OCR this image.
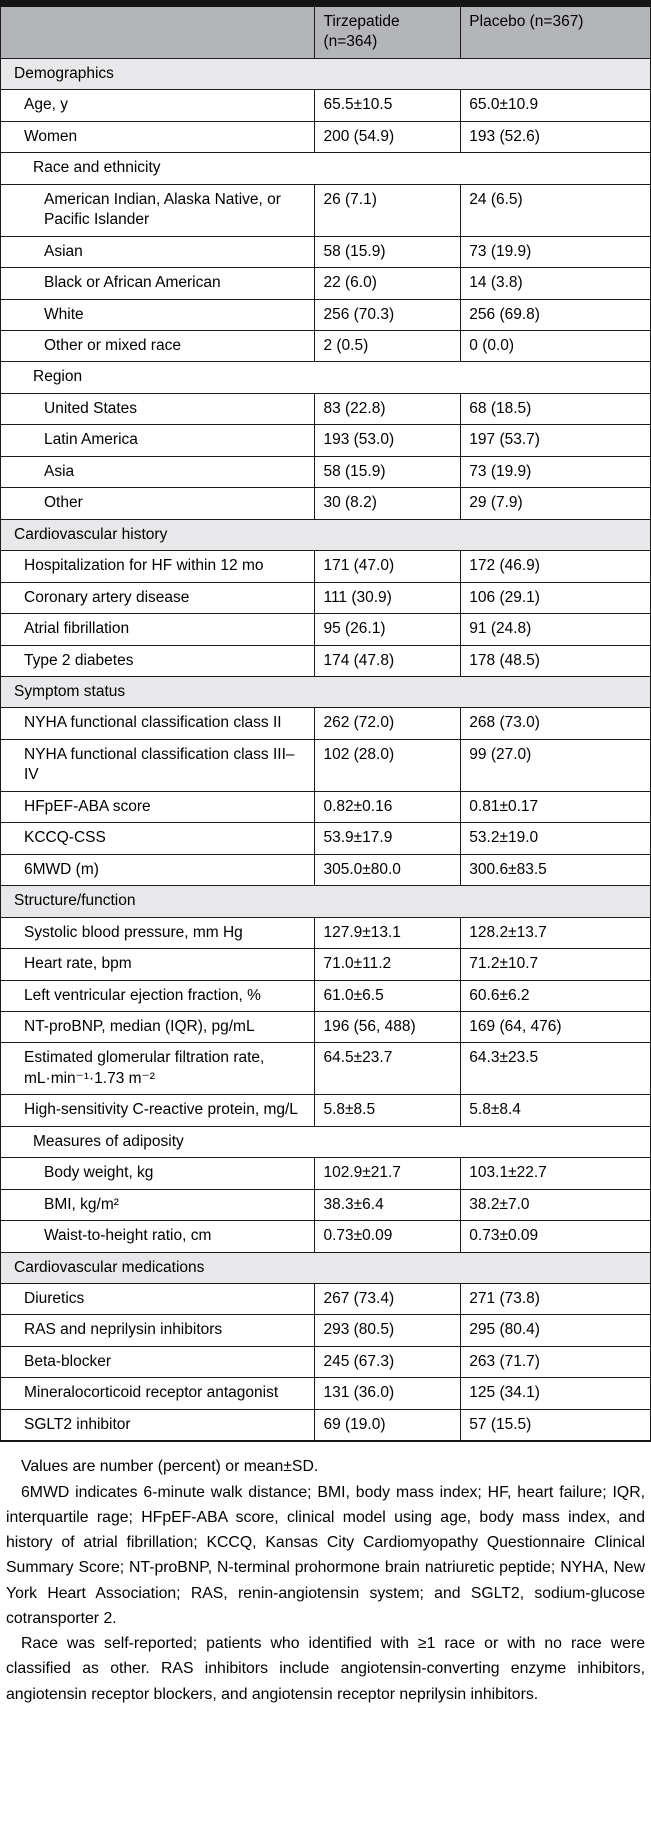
	Tirzepatide (n=364)	Placebo (n=367)
Demographics		
Age, y	65.5±10.5	65.0±10.9
Women	200 (54.9)	193 (52.6)
Race and ethnicity		
American Indian, Alaska Native, or Pacific Islander	26 (7.1)	24 (6.5)
Asian	58 (15.9)	73 (19.9)
Black or African American	22 (6.0)	14 (3.8)
White	256 (70.3)	256 (69.8)
Other or mixed race	2 (0.5)	0 (0.0)
Region		
United States	83 (22.8)	68 (18.5)
Latin America	193 (53.0)	197 (53.7)
Asia	58 (15.9)	73 (19.9)
Other	30 (8.2)	29 (7.9)
Cardiovascular history		
Hospitalization for HF within 12 mo	171 (47.0)	172 (46.9)
Coronary artery disease	111 (30.9)	106 (29.1)
Atrial fibrillation	95 (26.1)	91 (24.8)
Type 2 diabetes	174 (47.8)	178 (48.5)
Symptom status		
NYHA functional classification class II	262 (72.0)	268 (73.0)
NYHA functional classification class III–IV	102 (28.0)	99 (27.0)
HFpEF-ABA score	0.82±0.16	0.81±0.17
KCCQ-CSS	53.9±17.9	53.2±19.0
6MWD (m)	305.0±80.0	300.6±83.5
Structure/function		
Systolic blood pressure, mm Hg	127.9±13.1	128.2±13.7
Heart rate, bpm	71.0±11.2	71.2±10.7
Left ventricular ejection fraction, %	61.0±6.5	60.6±6.2
NT-proBNP, median (IQR), pg/mL	196 (56, 488)	169 (64, 476)
Estimated glomerular filtration rate, mL·min⁻¹·1.73 m⁻²	64.5±23.7	64.3±23.5
High-sensitivity C-reactive protein, mg/L	5.8±8.5	5.8±8.4
Measures of adiposity		
Body weight, kg	102.9±21.7	103.1±22.7
BMI, kg/m²	38.3±6.4	38.2±7.0
Waist-to-height ratio, cm	0.73±0.09	0.73±0.09
Cardiovascular medications		
Diuretics	267 (73.4)	271 (73.8)
RAS and neprilysin inhibitors	293 (80.5)	295 (80.4)
Beta-blocker	245 (67.3)	263 (71.7)
Mineralocorticoid receptor antagonist	131 (36.0)	125 (34.1)
SGLT2 inhibitor	69 (19.0)	57 (15.5)

Values are number (percent) or mean±SD.

6MWD indicates 6-minute walk distance; BMI, body mass index; HF, heart failure; IQR, interquartile rage; HFpEF-ABA score, clinical model using age, body mass index, and history of atrial fibrillation; KCCQ, Kansas City Cardiomyopathy Questionnaire Clinical Summary Score; NT-proBNP, N-terminal prohormone brain natriuretic peptide; NYHA, New York Heart Association; RAS, renin-angiotensin system; and SGLT2, sodium-glucose cotransporter 2.

Race was self-reported; patients who identified with ≥1 race or with no race were classified as other. RAS inhibitors include angiotensin-converting enzyme inhibitors, angiotensin receptor blockers, and angiotensin receptor neprilysin inhibitors.
